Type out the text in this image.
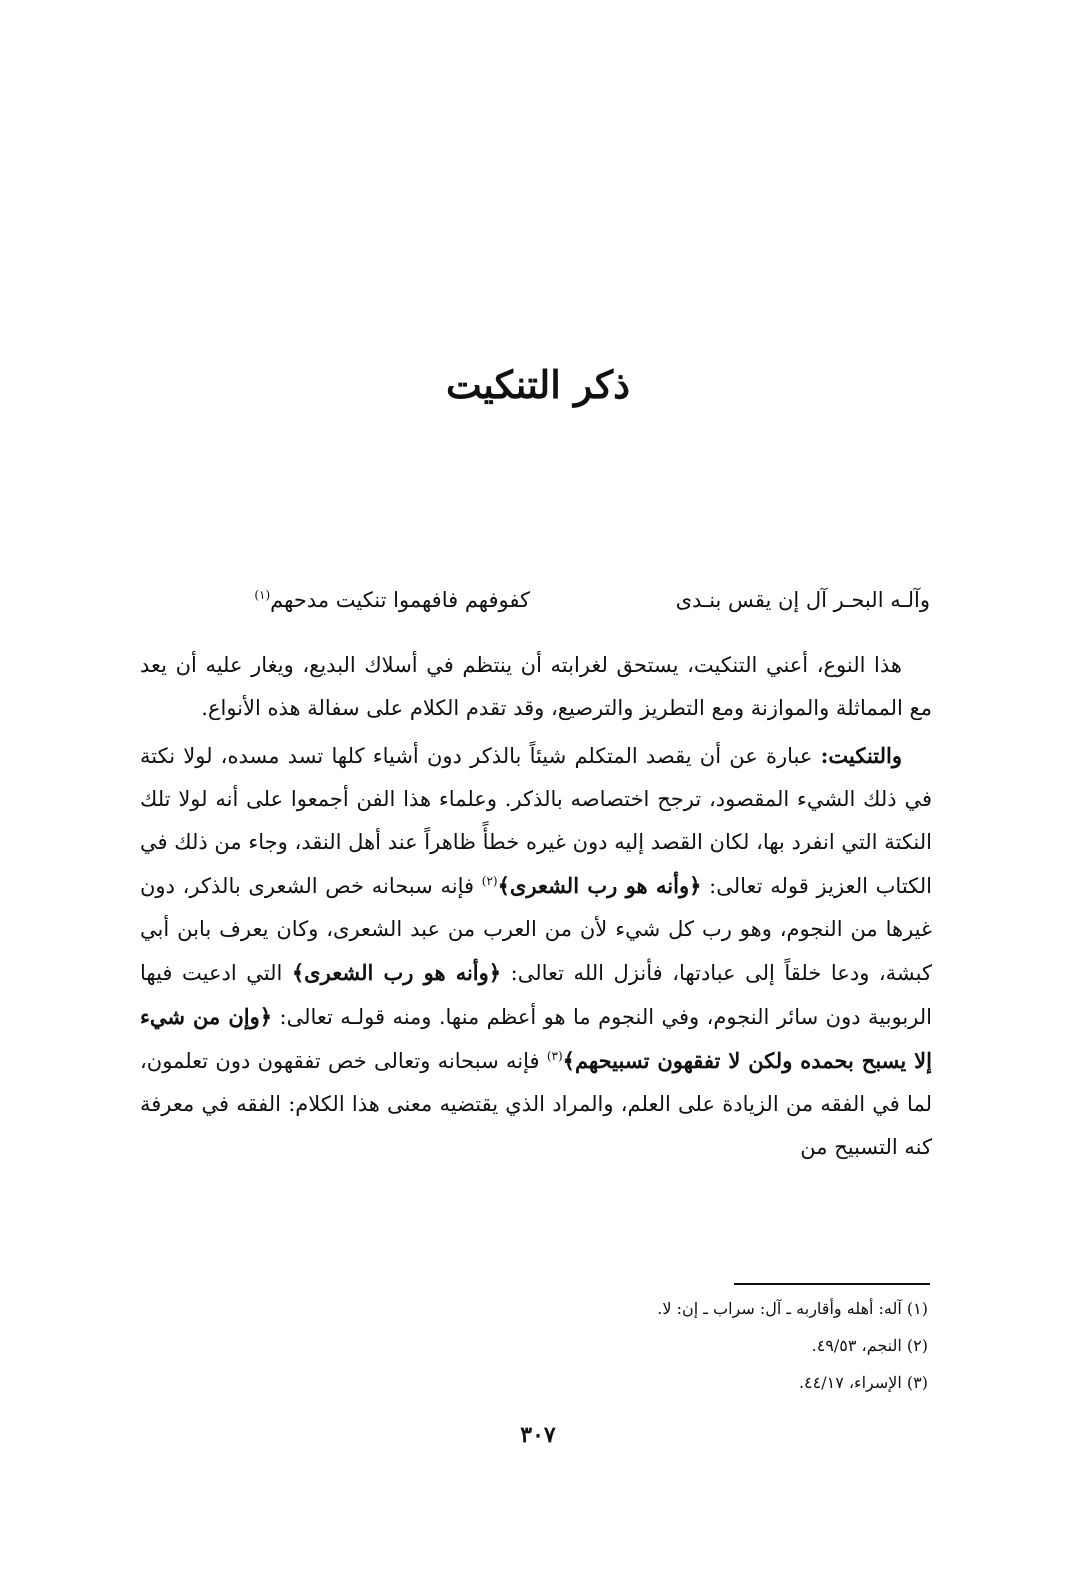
ذكر التنكيت
وآلـه البحـر آل إن يقس بنـدى
كفوفهم فافهموا تنكيت مدحهم$^{(١)}$

هذا النوع، أعني التنكيت، يستحق لغرابته أن ينتظم في أسلاك البديع، ويغار عليه أن يعد مع المماثلة والموازنة ومع التطريز والترصيع، وقد تقدم الكلام على سفالة هذه الأنواع.

والتنكيت: عبارة عن أن يقصد المتكلم شيئاً بالذكر دون أشياء كلها تسد مسده، لولا نكتة في ذلك الشيء المقصود، ترجح اختصاصه بالذكر. وعلماء هذا الفن أجمعوا على أنه لولا تلك النكتة التي انفرد بها، لكان القصد إليه دون غيره خطأً ظاهراً عند أهل النقد، وجاء من ذلك في الكتاب العزيز قوله تعالى: ﴿وأنه هو رب الشعرى﴾$^{(٢)}$ فإنه سبحانه خص الشعرى بالذكر، دون غيرها من النجوم، وهو رب كل شيء لأن من العرب من عبد الشعرى، وكان يعرف بابن أبي كبشة، ودعا خلقاً إلى عبادتها، فأنزل الله تعالى: ﴿وأنه هو رب الشعرى﴾ التي ادعيت فيها الربوبية دون سائر النجوم، وفي النجوم ما هو أعظم منها. ومنه قولـه تعالى: ﴿وإن من شيء إلا يسبح بحمده ولكن لا تفقهون تسبيحهم﴾$^{(٣)}$ فإنه سبحانه وتعالى خص تفقهون دون تعلمون، لما في الفقه من الزيادة على العلم، والمراد الذي يقتضيه معنى هذا الكلام: الفقه في معرفة كنه التسبيح من

(١) آله: أهله وأقاربه ـ آل: سراب ـ إن: لا.
(٢) النجم، ٤٩/٥٣.
(٣) الإسراء، ٤٤/١٧.
٣٠٧
